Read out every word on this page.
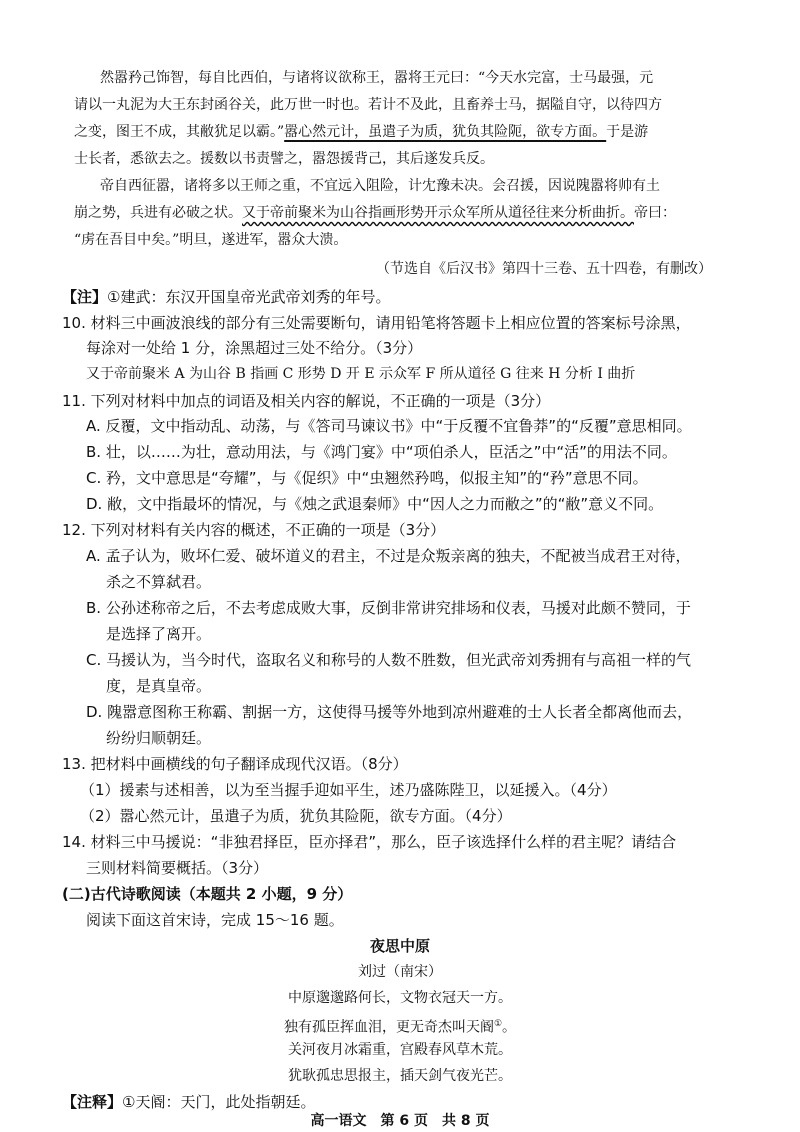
然嚣矜己饰智，每自比西伯，与诸将议欲称王，嚣将王元曰：“今天水完富，士马最强，元
请以一丸泥为大王东封函谷关，此万世一时也。若计不及此，且畜养士马，据隘自守，以待四方
之变，图王不成，其敝犹足以霸。”嚣心然元计，虽遣子为质，犹负其险阨，欲专方面。于是游
士长者，悉欲去之。援数以书责譬之，嚣怨援背己，其后遂发兵反。
帝自西征嚣，诸将多以王师之重，不宜远入阻险，计冘豫未决。会召援，因说隗嚣将帅有土
崩之势，兵进有必破之状。又于帝前聚米为山谷指画形势开示众军所从道径往来分析曲折。帝曰：
“虏在吾目中矣。”明旦，遂进军，嚣众大溃。
（节选自《后汉书》第四十三卷、五十四卷，有删改）
【注】①建武：东汉开国皇帝光武帝刘秀的年号。
10. 材料三中画波浪线的部分有三处需要断句，请用铅笔将答题卡上相应位置的答案标号涂黑，
每涂对一处给 1 分，涂黑超过三处不给分。（3分）
又于帝前聚米 A 为山谷 B 指画 C 形势 D 开 E 示众军 F 所从道径 G 往来 H 分析 I 曲折
11. 下列对材料中加点的词语及相关内容的解说，不正确的一项是（3分）
A. 反覆，文中指动乱、动荡，与《答司马谏议书》中“于反覆不宜鲁莽”的“反覆”意思相同。
B. 壮，以……为壮，意动用法，与《鸿门宴》中“项伯杀人，臣活之”中“活”的用法不同。
C. 矜，文中意思是“夸耀”，与《促织》中“虫翘然矜鸣，似报主知”的“矜”意思不同。
D. 敝，文中指最坏的情况，与《烛之武退秦师》中“因人之力而敝之”的“敝”意义不同。
12. 下列对材料有关内容的概述，不正确的一项是（3分）
A. 孟子认为，败坏仁爱、破坏道义的君主，不过是众叛亲离的独夫，不配被当成君王对待，
杀之不算弑君。
B. 公孙述称帝之后，不去考虑成败大事，反倒非常讲究排场和仪表，马援对此颇不赞同，于
是选择了离开。
C. 马援认为，当今时代，盗取名义和称号的人数不胜数，但光武帝刘秀拥有与高祖一样的气
度，是真皇帝。
D. 隗嚣意图称王称霸、割据一方，这使得马援等外地到凉州避难的士人长者全都离他而去，
纷纷归顺朝廷。
13. 把材料中画横线的句子翻译成现代汉语。（8分）
（1）援素与述相善，以为至当握手迎如平生，述乃盛陈陛卫，以延援入。（4分）
（2）嚣心然元计，虽遣子为质，犹负其险阨，欲专方面。（4分）
14. 材料三中马援说：“非独君择臣，臣亦择君”，那么，臣子该选择什么样的君主呢？请结合
三则材料简要概括。（3分）
(二)古代诗歌阅读（本题共 2 小题，9 分）
阅读下面这首宋诗，完成 15～16 题。
夜思中原
刘过（南宋）
中原邈邈路何长，文物衣冠天一方。
独有孤臣挥血泪，更无奇杰叫天阍①。
关河夜月冰霜重，宫殿春风草木荒。
犹耿孤忠思报主，插天剑气夜光芒。
【注释】①天阍：天门，此处指朝廷。
高一语文　第 6 页　共 8 页
